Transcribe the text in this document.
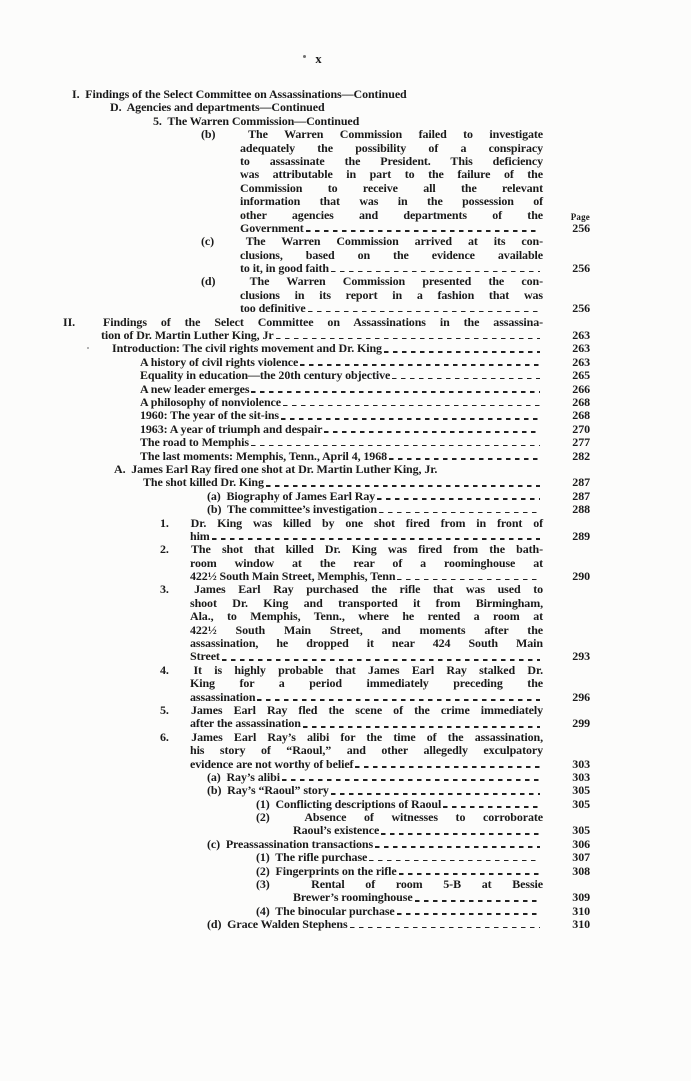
x
I.  Findings of the Select Committee on Assassinations—Continued
D.  Agencies and departments—Continued
5.  The Warren Commission—Continued
(b)  The Warren Commission failed to investigate
adequately the possibility of a conspiracy
to assassinate the President. This deficiency
was attributable in part to the failure of the
Commission to receive all the relevant
information that was in the possession of
other agencies and departments of the	Page
Government	256
(c)  The Warren Commission arrived at its con-
clusions, based on the evidence available
to it, in good faith	256
(d)  The Warren Commission presented the con-
clusions in its report in a fashion that was
too definitive	256
II.  Findings of the Select Committee on Assassinations in the assassina-
tion of Dr. Martin Luther King, Jr	263
Introduction: The civil rights movement and Dr. King	263
A history of civil rights violence	263
Equality in education—the 20th century objective	265
A new leader emerges	266
A philosophy of nonviolence	268
1960: The year of the sit-ins	268
1963: A year of triumph and despair	270
The road to Memphis	277
The last moments: Memphis, Tenn., April 4, 1968	282
A.  James Earl Ray fired one shot at Dr. Martin Luther King, Jr.
The shot killed Dr. King	287
(a)  Biography of James Earl Ray	287
(b)  The committee’s investigation	288
1.  Dr. King was killed by one shot fired from in front of
him	289
2.  The shot that killed Dr. King was fired from the bath-
room window at the rear of a roominghouse at
422½ South Main Street, Memphis, Tenn	290
3.  James Earl Ray purchased the rifle that was used to
shoot Dr. King and transported it from Birmingham,
Ala., to Memphis, Tenn., where he rented a room at
422½ South Main Street, and moments after the
assassination, he dropped it near 424 South Main
Street	293
4.  It is highly probable that James Earl Ray stalked Dr.
King for a period immediately preceding the
assassination	296
5.  James Earl Ray fled the scene of the crime immediately
after the assassination	299
6.  James Earl Ray’s alibi for the time of the assassination,
his story of “Raoul,” and other allegedly exculpatory
evidence are not worthy of belief	303
(a)  Ray’s alibi	303
(b)  Ray’s “Raoul” story	305
(1)  Conflicting descriptions of Raoul	305
(2)  Absence of witnesses to corroborate
Raoul’s existence	305
(c)  Preassassination transactions	306
(1)  The rifle purchase	307
(2)  Fingerprints on the rifle	308
(3)  Rental of room 5-B at Bessie
Brewer’s roominghouse	309
(4)  The binocular purchase	310
(d)  Grace Walden Stephens	310
